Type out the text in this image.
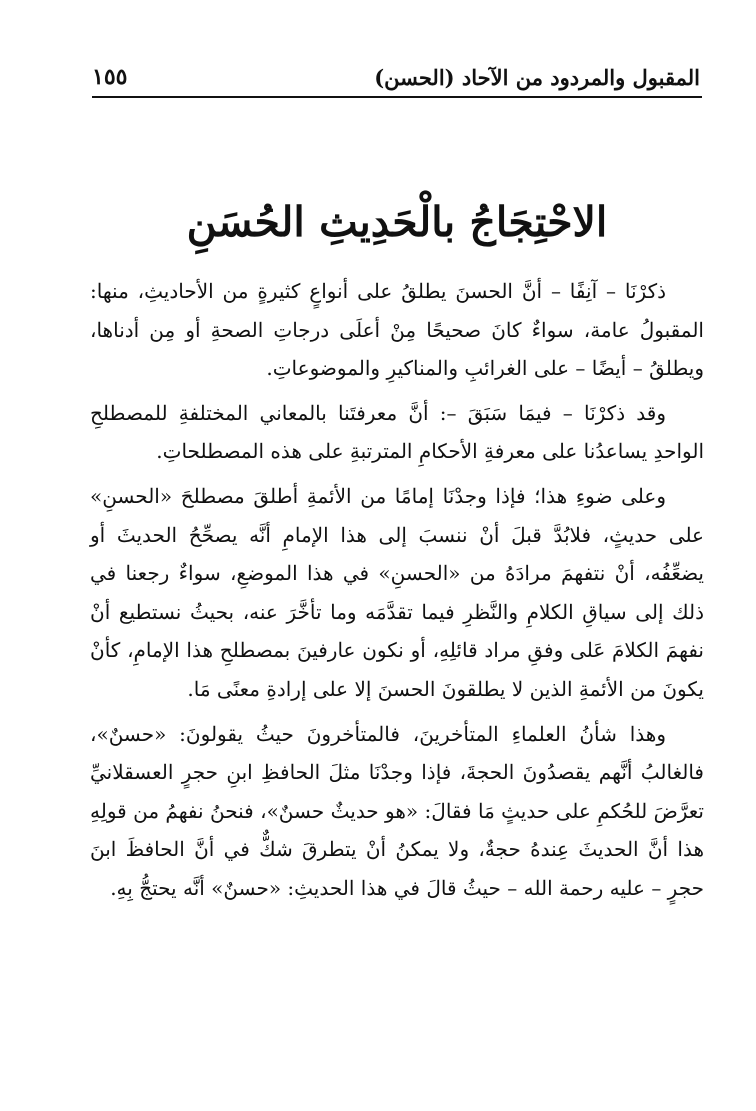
المقبول والمردود من الآحاد (الحسن)
١٥٥
الاحْتِجَاجُ بالْحَدِيثِ الحُسَنِ

ذكرْنَا – آنِفًا – أنَّ الحسنَ يطلقُ على أنواعٍ كثيرةٍ من الأحاديثِ، منها: المقبولُ عامة، سواءٌ كانَ صحيحًا مِنْ أعلَى درجاتِ الصحةِ أو مِن أدناها، ويطلقُ – أيضًا – على الغرائبِ والمناكيرِ والموضوعاتِ.

وقد ذكرْنَا – فيمَا سَبَقَ –: أنَّ معرفتَنا بالمعاني المختلفةِ للمصطلحِ الواحدِ يساعدُنا على معرفةِ الأحكامِ المترتبةِ على هذه المصطلحاتِ.

وعلى ضوءِ هذا؛ فإذا وجدْنَا إمامًا من الأئمةِ أطلقَ مصطلحَ «الحسنِ» على حديثٍ، فلابُدَّ قبلَ أنْ ننسبَ إلى هذا الإمامِ أنَّه يصحِّحُ الحديثَ أو يضعِّفُه، أنْ نتفهمَ مرادَهُ من «الحسنِ» في هذا الموضعِ، سواءٌ رجعنا في ذلك إلى سياقِ الكلامِ والنَّظرِ فيما تقدَّمَه وما تأخَّرَ عنه، بحيثُ نستطيع أنْ نفهمَ الكلامَ عَلى وفقِ مراد قائلِهِ، أو نكون عارفينَ بمصطلحِ هذا الإمامِ، كأنْ يكونَ من الأئمةِ الذين لا يطلقونَ الحسنَ إلا على إرادةِ معنًى مَا.

وهذا شأنُ العلماءِ المتأخرينَ، فالمتأخرونَ حيثُ يقولونَ: «حسنٌ»، فالغالبُ أنَّهم يقصدُونَ الحجةَ، فإذا وجدْنَا مثلَ الحافظِ ابنِ حجرٍ العسقلانيِّ تعرَّضَ للحُكمِ على حديثٍ مَا فقالَ: «هو حديثٌ حسنٌ»، فنحنُ نفهمُ من قولِهِ هذا أنَّ الحديثَ عِندهُ حجةٌ، ولا يمكنُ أنْ يتطرقَ شكٌّ في أنَّ الحافظَ ابنَ حجرٍ – عليه رحمة الله – حيثُ قالَ في هذا الحديثِ: «حسنٌ» أنَّه يحتجُّ بِهِ.
